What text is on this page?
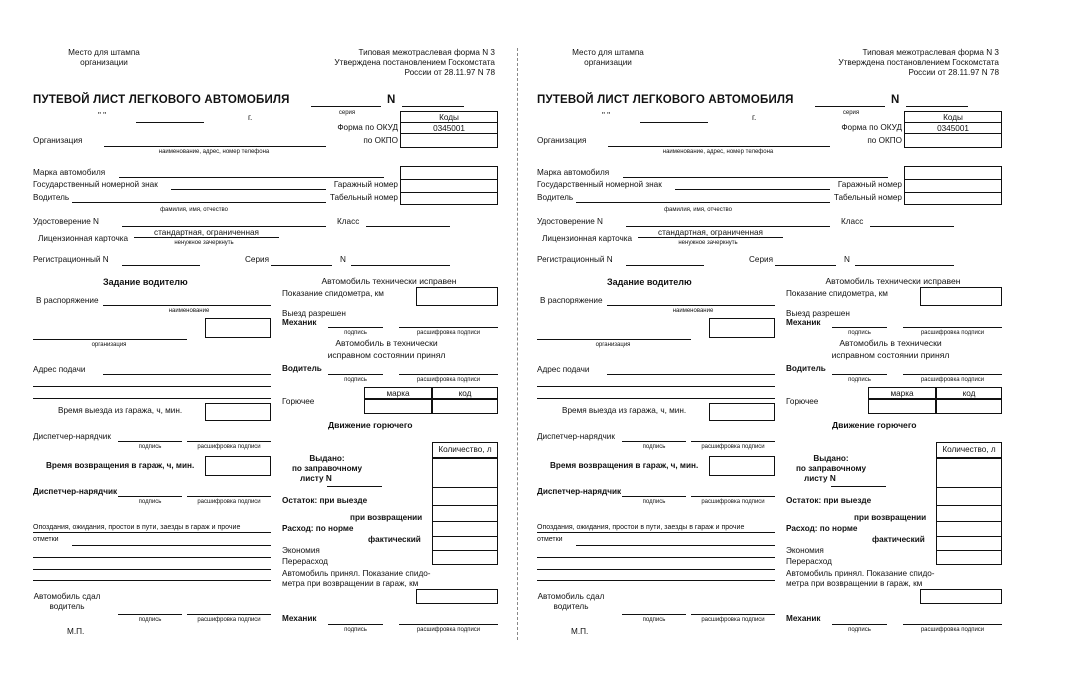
Место для штампа
организации
Типовая межотраслевая форма N 3
Утверждена постановлением Госкомстата
России от 28.11.97 N 78
ПУТЕВОЙ ЛИСТ ЛЕГКОВОГО АВТОМОБИЛЯ	N
серия
" "	г.	Коды
Форма по ОКУД	0345001
по ОКПО
Организация
наименование, адрес, номер телефона
Марка автомобиля
Государственный номерной знак	Гаражный номер
Водитель	Табельный номер
фамилия, имя, отчество
Удостоверение N	Класс
Лицензионная карточка
стандартная, ограниченная
ненужное зачеркнуть
Регистрационный N	Серия	N
Задание водителю
В распоряжение
наименование
организация
Адрес подачи
Время выезда из гаража, ч, мин.
Диспетчер-нарядчик
подпись	расшифровка подписи
Время возвращения в гараж, ч, мин.
Диспетчер-нарядчик
подпись	расшифровка подписи
Опоздания, ожидания, простои в пути, заезды в гараж и прочие
отметки
Автомобиль сдал
водитель
подпись	расшифровка подписи
М.П.
Автомобиль технически исправен
Показание спидометра, км
Выезд разрешен
Механик
подпись	расшифровка подписи
Автомобиль в технически
исправном состоянии принял
Водитель
подпись	расшифровка подписи
Горючее
марка	код
Движение горючего
Количество, л
Выдано:
по заправочному
листу N
Остаток: при выезде
при возвращении
Расход: по норме
фактический
Экономия
Перерасход
Автомобиль принял. Показание спидо-
метра при возвращении в гараж, км
Механик
подпись	расшифровка подписи
Место для штампа
организации
Типовая межотраслевая форма N 3
Утверждена постановлением Госкомстата
России от 28.11.97 N 78
ПУТЕВОЙ ЛИСТ ЛЕГКОВОГО АВТОМОБИЛЯ	N
серия
" "	г.	Коды
Форма по ОКУД	0345001
по ОКПО
Организация
наименование, адрес, номер телефона
Марка автомобиля
Государственный номерной знак	Гаражный номер
Водитель	Табельный номер
фамилия, имя, отчество
Удостоверение N	Класс
Лицензионная карточка
стандартная, ограниченная
ненужное зачеркнуть
Регистрационный N	Серия	N
Задание водителю
В распоряжение
наименование
организация
Адрес подачи
Время выезда из гаража, ч, мин.
Диспетчер-нарядчик
подпись	расшифровка подписи
Время возвращения в гараж, ч, мин.
Диспетчер-нарядчик
подпись	расшифровка подписи
Опоздания, ожидания, простои в пути, заезды в гараж и прочие
отметки
Автомобиль сдал
водитель
подпись	расшифровка подписи
М.П.
Автомобиль технически исправен
Показание спидометра, км
Выезд разрешен
Механик
подпись	расшифровка подписи
Автомобиль в технически
исправном состоянии принял
Водитель
подпись	расшифровка подписи
Горючее
марка	код
Движение горючего
Количество, л
Выдано:
по заправочному
листу N
Остаток: при выезде
при возвращении
Расход: по норме
фактический
Экономия
Перерасход
Автомобиль принял. Показание спидо-
метра при возвращении в гараж, км
Механик
подпись	расшифровка подписи
